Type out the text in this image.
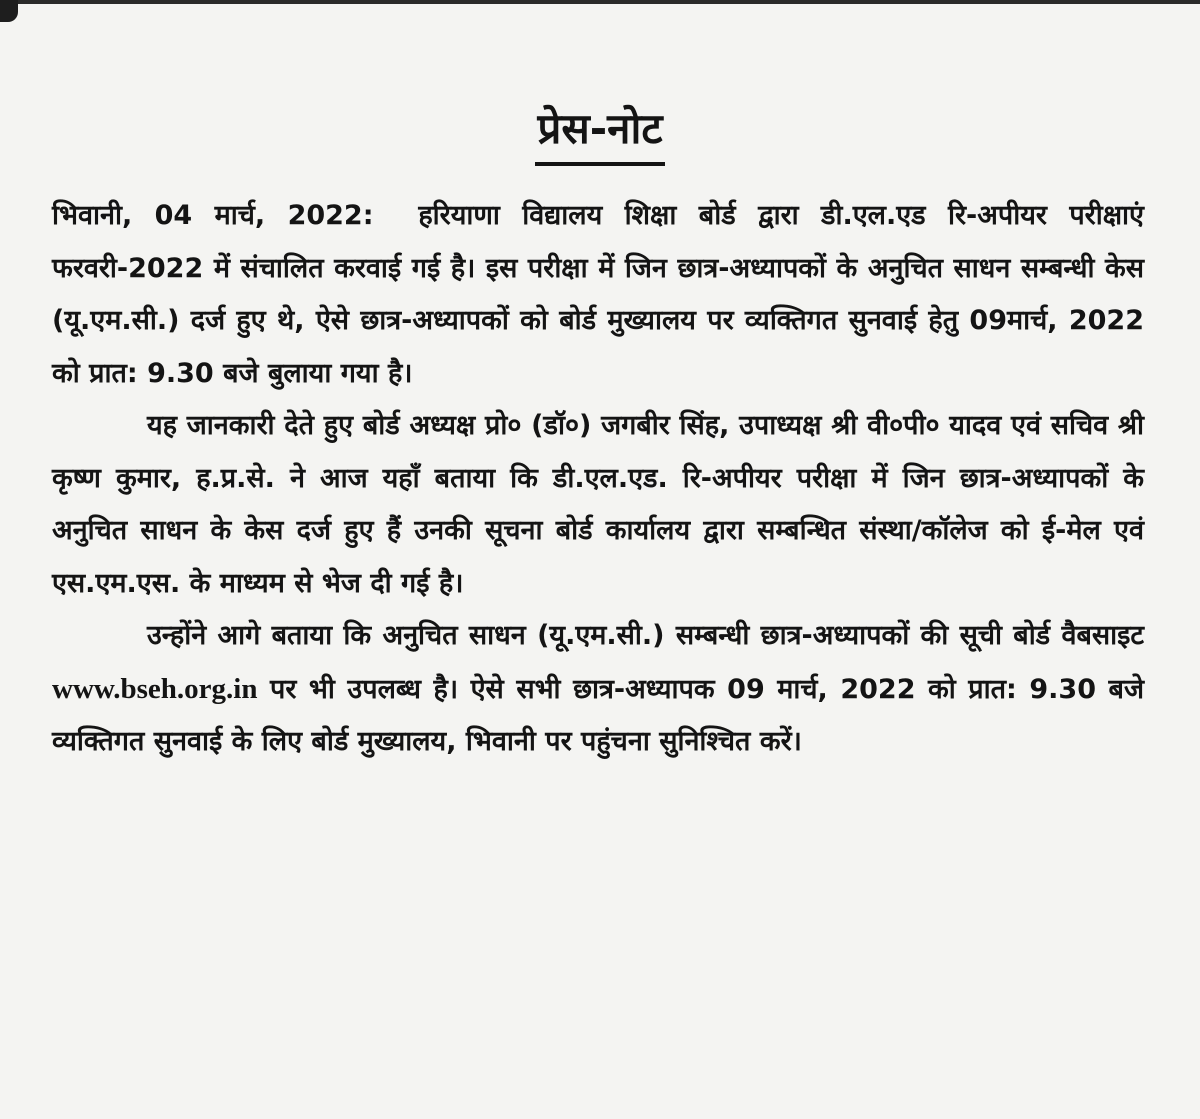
प्रेस-नोट

भिवानी, 04 मार्च, 2022: हरियाणा विद्यालय शिक्षा बोर्ड द्वारा डी.एल.एड रि-अपीयर परीक्षाएं फरवरी-2022 में संचालित करवाई गई है। इस परीक्षा में जिन छात्र-अध्यापकों के अनुचित साधन सम्बन्धी केस (यू.एम.सी.) दर्ज हुए थे, ऐसे छात्र-अध्यापकों को बोर्ड मुख्यालय पर व्यक्तिगत सुनवाई हेतु 09मार्च, 2022 को प्रात: 9.30 बजे बुलाया गया है।

यह जानकारी देते हुए बोर्ड अध्यक्ष प्रो० (डॉ०) जगबीर सिंह, उपाध्यक्ष श्री वी०पी० यादव एवं सचिव श्री कृष्ण कुमार, ह.प्र.से. ने आज यहाँ बताया कि डी.एल.एड. रि-अपीयर परीक्षा में जिन छात्र-अध्यापकों के अनुचित साधन के केस दर्ज हुए हैं उनकी सूचना बोर्ड कार्यालय द्वारा सम्बन्धित संस्था/कॉलेज को ई-मेल एवं एस.एम.एस. के माध्यम से भेज दी गई है।

उन्होंने आगे बताया कि अनुचित साधन (यू.एम.सी.) सम्बन्धी छात्र-अध्यापकों की सूची बोर्ड वैबसाइट www.bseh.org.in पर भी उपलब्ध है। ऐसे सभी छात्र-अध्यापक 09 मार्च, 2022 को प्रात: 9.30 बजे व्यक्तिगत सुनवाई के लिए बोर्ड मुख्यालय, भिवानी पर पहुंचना सुनिश्चित करें।
